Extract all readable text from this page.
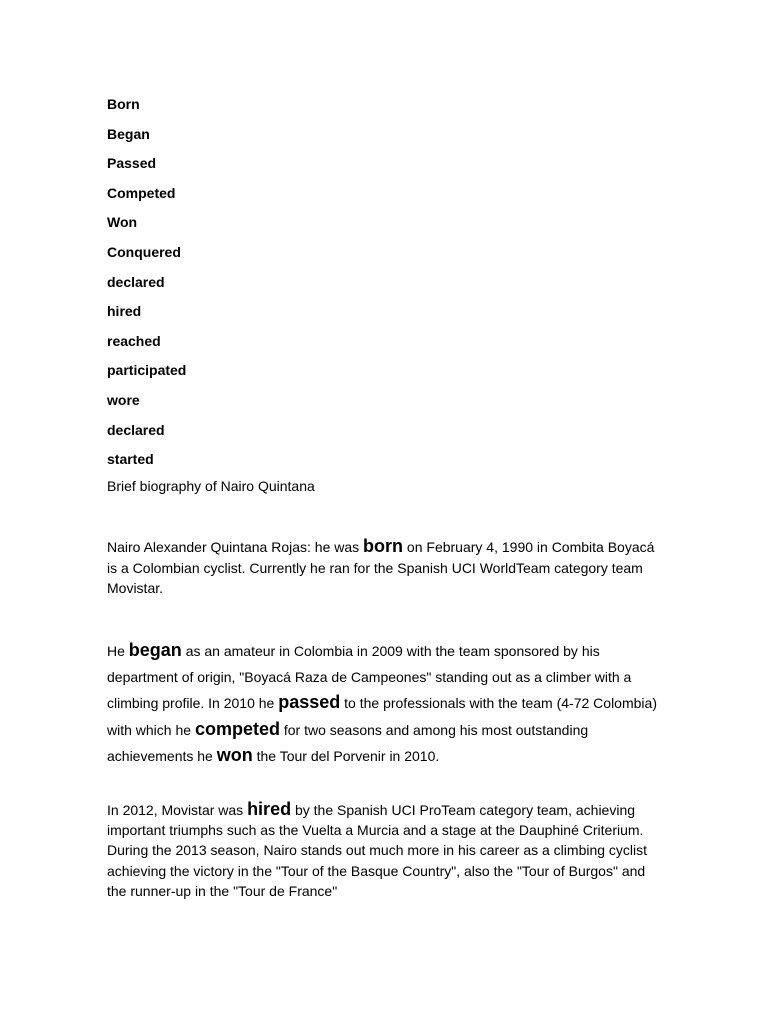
Born
Began
Passed
Competed
Won
Conquered
declared
hired
reached
participated
wore
declared
started
Brief biography of Nairo Quintana

Nairo Alexander Quintana Rojas: he was born on February 4, 1990 in Combita Boyacá is a Colombian cyclist. Currently he ran for the Spanish UCI WorldTeam category team Movistar.

He began as an amateur in Colombia in 2009 with the team sponsored by his department of origin, "Boyacá Raza de Campeones" standing out as a climber with a climbing profile. In 2010 he passed to the professionals with the team (4-72 Colombia) with which he competed for two seasons and among his most outstanding achievements he won the Tour del Porvenir in 2010.

In 2012, Movistar was hired by the Spanish UCI ProTeam category team, achieving important triumphs such as the Vuelta a Murcia and a stage at the Dauphiné Criterium. During the 2013 season, Nairo stands out much more in his career as a climbing cyclist achieving the victory in the "Tour of the Basque Country", also the "Tour of Burgos" and the runner-up in the "Tour de France"
